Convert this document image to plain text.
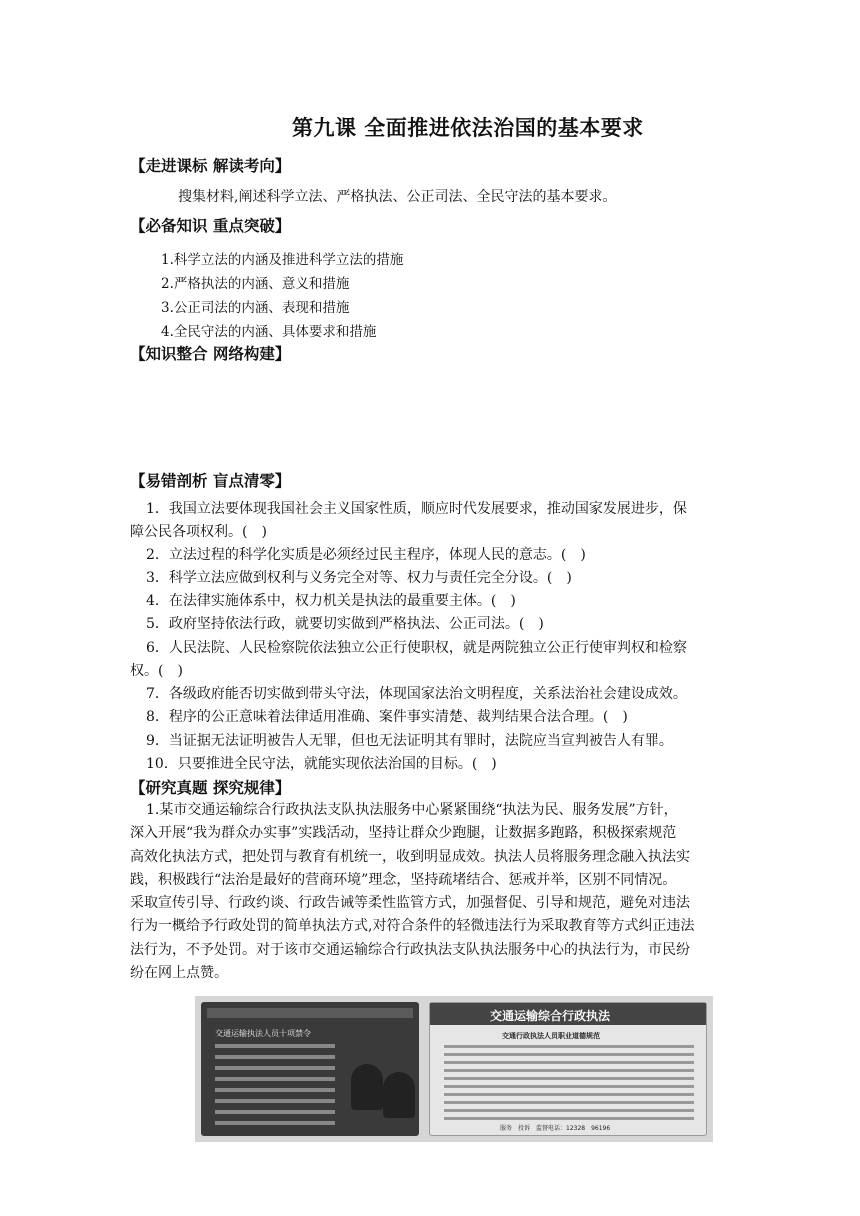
第九课 全面推进依法治国的基本要求
【走进课标 解读考向】
搜集材料,阐述科学立法、严格执法、公正司法、全民守法的基本要求。
【必备知识 重点突破】
1.科学立法的内涵及推进科学立法的措施
2.严格执法的内涵、意义和措施
3.公正司法的内涵、表现和措施
4.全民守法的内涵、具体要求和措施
【知识整合 网络构建】
【易错剖析 盲点清零】
1．我国立法要体现我国社会主义国家性质，顺应时代发展要求，推动国家发展进步，保
障公民各项权利。(　)
2．立法过程的科学化实质是必须经过民主程序，体现人民的意志。(　)
3．科学立法应做到权利与义务完全对等、权力与责任完全分设。(　)
4．在法律实施体系中，权力机关是执法的最重要主体。(　)
5．政府坚持依法行政，就要切实做到严格执法、公正司法。(　)
6．人民法院、人民检察院依法独立公正行使职权，就是两院独立公正行使审判权和检察
权。(　)
7．各级政府能否切实做到带头守法，体现国家法治文明程度，关系法治社会建设成效。
8．程序的公正意味着法律适用准确、案件事实清楚、裁判结果合法合理。(　)
9．当证据无法证明被告人无罪，但也无法证明其有罪时，法院应当宣判被告人有罪。
10．只要推进全民守法，就能实现依法治国的目标。(　)
【研究真题 探究规律】
1.某市交通运输综合行政执法支队执法服务中心紧紧围绕“执法为民、服务发展”方针，
深入开展“我为群众办实事”实践活动，坚持让群众少跑腿，让数据多跑路，积极探索规范
高效化执法方式，把处罚与教育有机统一，收到明显成效。执法人员将服务理念融入执法实
践，积极践行“法治是最好的营商环境”理念，坚持疏堵结合、惩戒并举，区别不同情况。
采取宣传引导、行政约谈、行政告诫等柔性监管方式，加强督促、引导和规范，避免对违法
行为一概给予行政处罚的简单执法方式,对符合条件的轻微违法行为采取教育等方式纠正违法
法行为，不予处罚。对于该市交通运输综合行政执法支队执法服务中心的执法行为，市民纷
纷在网上点赞。
交通运输执法人员十项禁令
交通运输综合行政执法
交通行政执法人员职业道德规范
服务　投诉　监督电话：12328　96196
